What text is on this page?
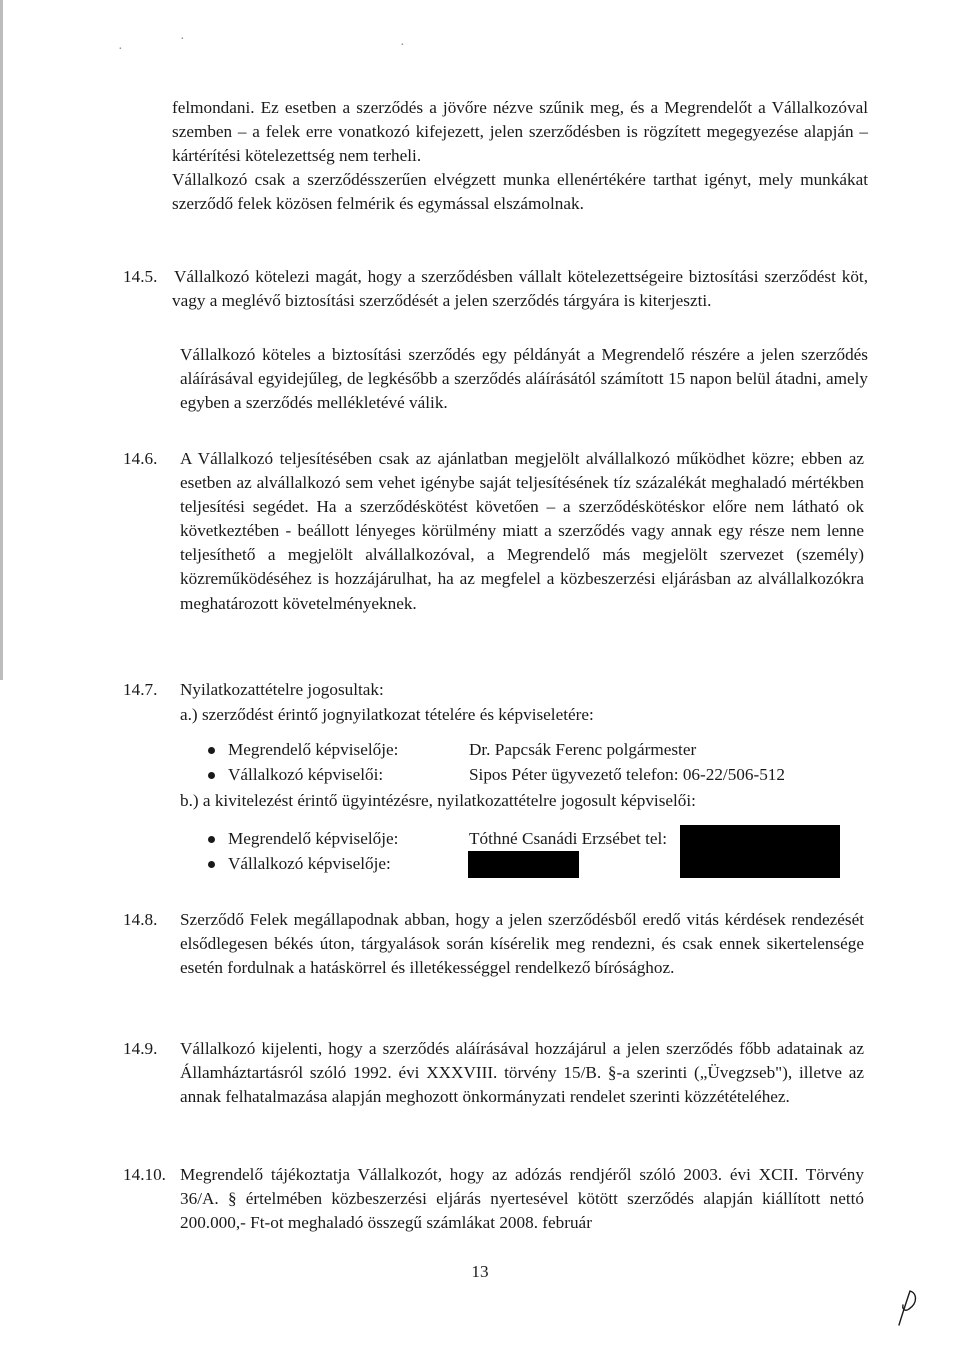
·
·	·

felmondani. Ez esetben a szerződés a jövőre nézve szűnik meg, és a Megrendelőt a Vállalkozóval szemben – a felek erre vonatkozó kifejezett, jelen szerződésben is rögzített megegyezése alapján – kártérítési kötelezettség nem terheli.

Vállalkozó csak a szerződésszerűen elvégzett munka ellenértékére tarthat igényt, mely munkákat szerződő felek közösen felmérik és egymással elszámolnak.

14.5. Vállalkozó kötelezi magát, hogy a szerződésben vállalt kötelezettségeire biztosítási szerződést köt, vagy a meglévő biztosítási szerződését a jelen szerződés tárgyára is kiterjeszti.

Vállalkozó köteles a biztosítási szerződés egy példányát a Megrendelő részére a jelen szerződés aláírásával egyidejűleg, de legkésőbb a szerződés aláírásától számított 15 napon belül átadni, amely egyben a szerződés mellékletévé válik.

14.6. A Vállalkozó teljesítésében csak az ajánlatban megjelölt alvállalkozó működhet közre; ebben az esetben az alvállalkozó sem vehet igénybe saját teljesítésének tíz százalékát meghaladó mértékben teljesítési segédet. Ha a szerződéskötést követően – a szerződéskötéskor előre nem látható ok következtében - beállott lényeges körülmény miatt a szerződés vagy annak egy része nem lenne teljesíthető a megjelölt alvállalkozóval, a Megrendelő más megjelölt szervezet (személy) közreműködéséhez is hozzájárulhat, ha az megfelel a közbeszerzési eljárásban az alvállalkozókra meghatározott követelményeknek.

14.7. Nyilatkozattételre jogosultak:
a.) szerződést érintő jognyilatkozat tételére és képviseletére:
Megrendelő képviselője:	Dr. Papcsák Ferenc polgármester
Vállalkozó képviselői:	Sipos Péter ügyvezető telefon: 06-22/506-512
b.) a kivitelezést érintő ügyintézésre, nyilatkozattételre jogosult képviselői:
Megrendelő képviselője:	Tóthné Csanádi Erzsébet tel:
Vállalkozó képviselője:
14.8. Szerződő Felek megállapodnak abban, hogy a jelen szerződésből eredő vitás kérdések rendezését elsődlegesen békés úton, tárgyalások során kísérelik meg rendezni, és csak ennek sikertelensége esetén fordulnak a hatáskörrel és illetékességgel rendelkező bírósághoz.

14.9. Vállalkozó kijelenti, hogy a szerződés aláírásával hozzájárul a jelen szerződés főbb adatainak az Államháztartásról szóló 1992. évi XXXVIII. törvény 15/B. §-a szerinti („Üvegzseb"), illetve az annak felhatalmazása alapján meghozott önkormányzati rendelet szerinti közzétételéhez.

14.10. Megrendelő tájékoztatja Vállalkozót, hogy az adózás rendjéről szóló 2003. évi XCII. Törvény 36/A. § értelmében közbeszerzési eljárás nyertesével kötött szerződés alapján kiállított nettó 200.000,- Ft-ot meghaladó összegű számlákat 2008. február

13
